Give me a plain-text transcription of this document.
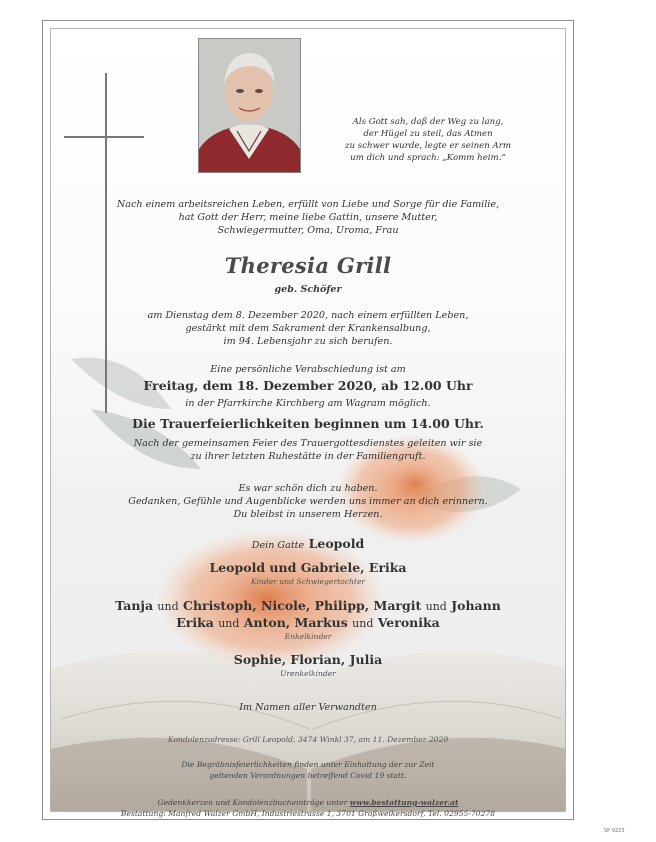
Als Gott sah, daß der Weg zu lang,
der Hügel zu steil, das Atmen
zu schwer wurde, legte er seinen Arm
um dich und sprach: „Komm heim.“
Nach einem arbeitsreichen Leben, erfüllt von Liebe und Sorge für die Familie,
hat Gott der Herr, meine liebe Gattin, unsere Mutter,
Schwiegermutter, Oma, Uroma, Frau
Theresia Grill
geb. Schöfer
am Dienstag dem 8. Dezember 2020, nach einem erfüllten Leben,
gestärkt mit dem Sakrament der Krankensalbung,
im 94. Lebensjahr zu sich berufen.
Eine persönliche Verabschiedung ist am
Freitag, dem 18. Dezember 2020, ab 12.00 Uhr
in der Pfarrkirche Kirchberg am Wagram möglich.
Die Trauerfeierlichkeiten beginnen um 14.00 Uhr.
Nach der gemeinsamen Feier des Trauergottesdienstes geleiten wir sie
zu ihrer letzten Ruhestätte in der Familiengruft.
Es war schön dich zu haben.
Gedanken, Gefühle und Augenblicke werden uns immer an dich erinnern.
Du bleibst in unserem Herzen.
Dein Gatte Leopold
Leopold und Gabriele, Erika
Kinder und Schwiegertochter
Tanja und Christoph, Nicole, Philipp, Margit und Johann
Erika und Anton, Markus und Veronika
Enkelkinder
Sophie, Florian, Julia
Urenkelkinder
Im Namen aller Verwandten
Kondolenzadresse: Grill Leopold, 3474 Winkl 37, am 11. Dezember 2020
Die Begräbnisfeierlichkeiten finden unter Einhaltung der zur Zeit
geltenden Verordnungen betreffend Covid 19 statt.
Gedenkkerzen und Kondolenzbucheinträge unter www.bestattung-walzer.at
Bestattung: Manfred Walzer GmbH, Industriestrasse 1, 3701 Großweikersdorf, Tel. 02955-70278
SP 9223
